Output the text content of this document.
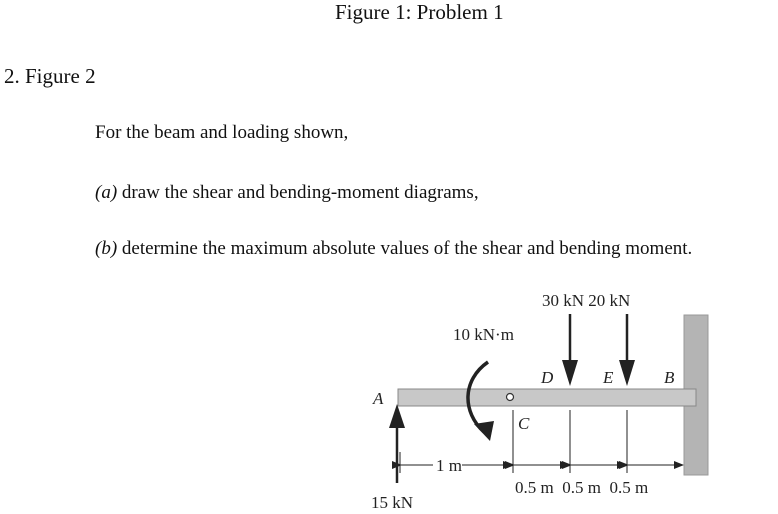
Figure 1: Problem 1
2. Figure 2
For the beam and loading shown,
(a) draw the shear and bending-moment diagrams,
(b) determine the maximum absolute values of the shear and bending moment.
30 kN 20 kN
10 kN·m
A
D	E	B
C
1 m
0.5 m  0.5 m  0.5 m
15 kN
